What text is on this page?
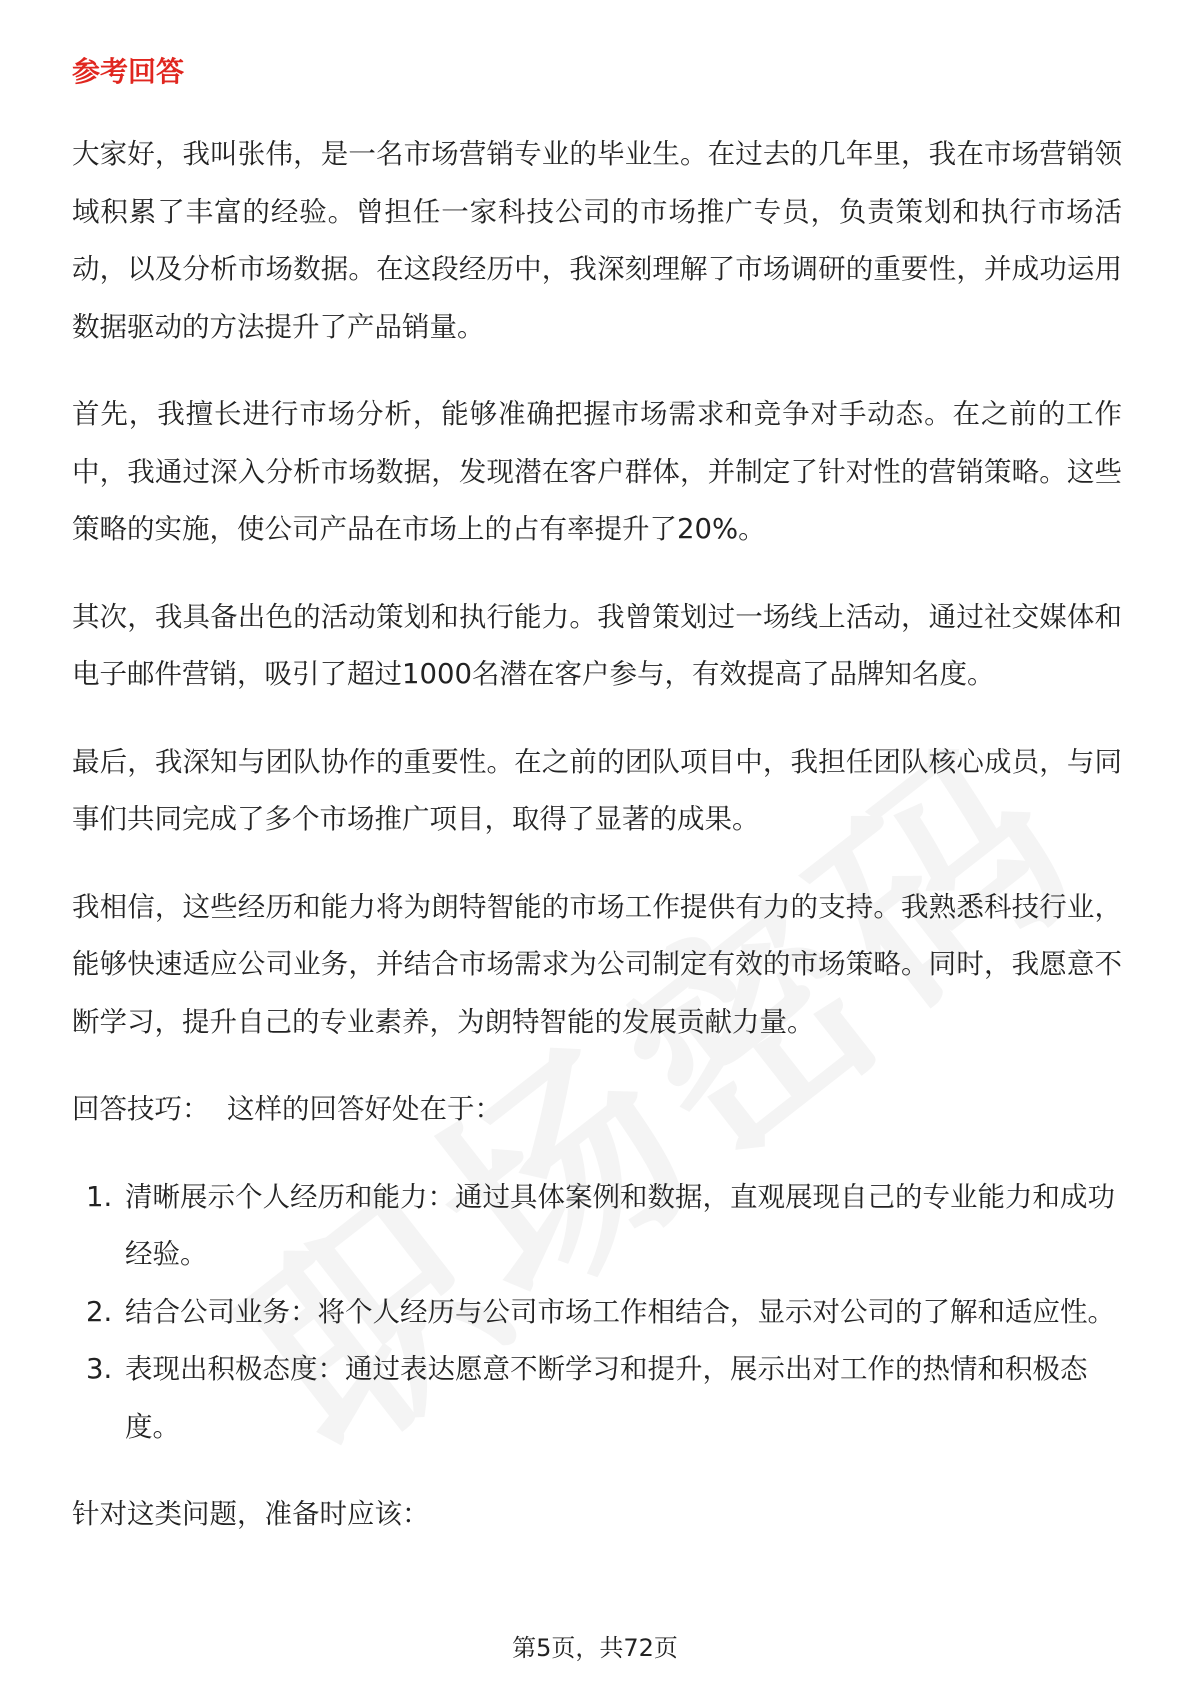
参考回答

大家好，我叫张伟，是一名市场营销专业的毕业生。在过去的几年里，我在市场营销领域积累了丰富的经验。曾担任一家科技公司的市场推广专员，负责策划和执行市场活动，以及分析市场数据。在这段经历中，我深刻理解了市场调研的重要性，并成功运用数据驱动的方法提升了产品销量。

首先，我擅长进行市场分析，能够准确把握市场需求和竞争对手动态。在之前的工作中，我通过深入分析市场数据，发现潜在客户群体，并制定了针对性的营销策略。这些策略的实施，使公司产品在市场上的占有率提升了20%。

其次，我具备出色的活动策划和执行能力。我曾策划过一场线上活动，通过社交媒体和电子邮件营销，吸引了超过1000名潜在客户参与，有效提高了品牌知名度。

最后，我深知与团队协作的重要性。在之前的团队项目中，我担任团队核心成员，与同事们共同完成了多个市场推广项目，取得了显著的成果。

我相信，这些经历和能力将为朗特智能的市场工作提供有力的支持。我熟悉科技行业，能够快速适应公司业务，并结合市场需求为公司制定有效的市场策略。同时，我愿意不断学习，提升自己的专业素养，为朗特智能的发展贡献力量。

回答技巧：  这样的回答好处在于：

1. 清晰展示个人经历和能力：通过具体案例和数据，直观展现自己的专业能力和成功经验。
2. 结合公司业务：将个人经历与公司市场工作相结合，显示对公司的了解和适应性。
3. 表现出积极态度：通过表达愿意不断学习和提升，展示出对工作的热情和积极态度。

针对这类问题，准备时应该：

第5页，共72页
